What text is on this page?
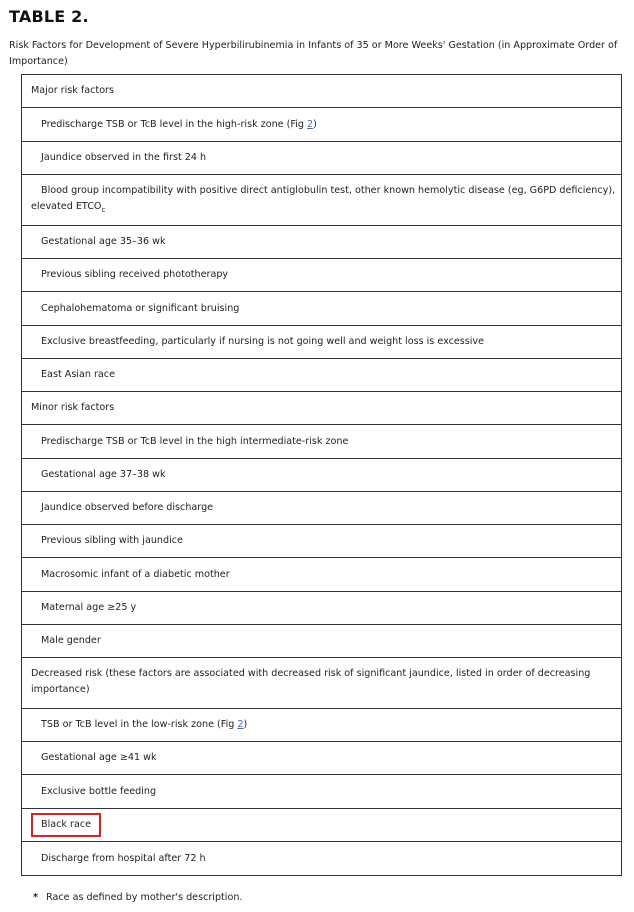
TABLE 2.
Risk Factors for Development of Severe Hyperbilirubinemia in Infants of 35 or More Weeks' Gestation (in Approximate Order of Importance)
Major risk factors
Predischarge TSB or TcB level in the high-risk zone (Fig 2)
Jaundice observed in the first 24 h
Blood group incompatibility with positive direct antiglobulin test, other known hemolytic disease (eg, G6PD deficiency), elevated $ETCO_c$
Gestational age 35–36 wk
Previous sibling received phototherapy
Cephalohematoma or significant bruising
Exclusive breastfeeding, particularly if nursing is not going well and weight loss is excessive
East Asian race
Minor risk factors
Predischarge TSB or TcB level in the high intermediate-risk zone
Gestational age 37–38 wk
Jaundice observed before discharge
Previous sibling with jaundice
Macrosomic infant of a diabetic mother
Maternal age ≥25 y
Male gender
Decreased risk (these factors are associated with decreased risk of significant jaundice, listed in order of decreasing importance)
TSB or TcB level in the low-risk zone (Fig 2)
Gestational age ≥41 wk
Exclusive bottle feeding
Black race
Discharge from hospital after 72 h
* Race as defined by mother's description.
